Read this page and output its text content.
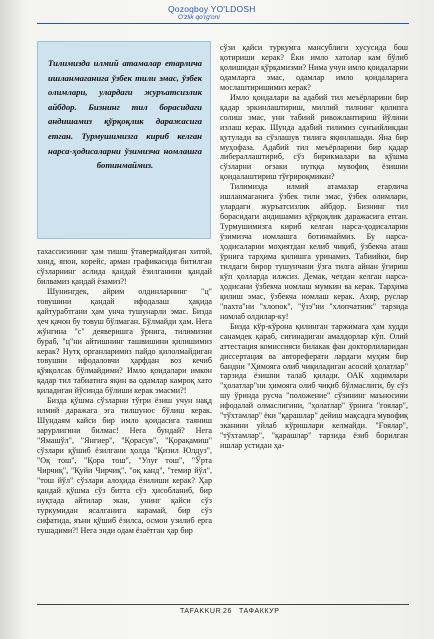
Qozoqboy YO'LDOSH
O'zlik qo'rg'oni

Тилимизда илмий атамалар етарлича ишланмаганига ўзбек тили эмас, ўзбек олимлари, улардаги журъатсизлик айбдор. Бизнинг тил борасидаги андишамиз қўрқоқлик даражасига етган. Турмушимизга кириб келган нарса-ҳодисаларни ўзимизча номлашга ботинмаймиз.

тахассисининг ҳам тишш ўтавермайдиган хитой, хинд, япон, корейс, арман графикасида битилган сўзларнинг аслида қандай ёзилганини қандай билвамиз қандай ёзамиз?!

Шунингдек, айрим олдинларнинг "ц" товушини қандай ифодалаш ҳақида қайтурабтгани ҳам унча тушунарли эмас. Бизда ҳеч қачон бу товуш бўлмаган. Бўлмайди ҳам. Нега жўнгина "с" деяверишга ўрнига, тилимизни бураб, "ц"ни айтишнинг ташвишини қилишимиз керак? Нутқ органларимиз пайдо қилолмайдиган товушни ифодаловчи ҳарфдан воз кечиб қўяқолсак бўлмайдими? Имло қоидалари имкон қадар тил табиатига яқин ва одамлар камроқ хато қиладиган йўсинда бўлиши керак эмасми?!

Бизда қўшма сўзларни тўғри ёзиш учун нақд илмий даражага эга тилшунос бўлиш керак. Шундаям кайси бир имло қоидасига таяниш зарурлигини билмас! Нега бундай? Нега "Ямашўл", "Янгиер", "Қорасув", "Қорақамиш" сўзлари қўшиб ёзилгани ҳолда "Қизил Юлдуз", "Оқ тош", "Қора тош", "Улуғ тош", "Ўрта Чирчиқ", "Қуйи Чирчиқ", "оқ канд", "темир йўл", "тош йўл" сўзлари алоҳида ёзилиши керак? Ҳар қандай қўшма сўз битта сўз ҳисобланиб, бир нуқтада айтилар экан, унинг қайси сўз туркумидан ясалганига карамай, бир сўз сифатида, яъни қўшиб ёзилса, осмон узилиб ерга тушадими?! Нега энди одам ёзаётган ҳар бир

сўзи қайси туркумга мансублиги хусусида бош қотириши керак? Ёки имло хатолар кам бўлиб қолишидан қўрқамизми? Нима учун имло қоидаларни одамларга эмас, одамлар имло қоидаларига мослаштиришимиз керак?

Имло қоидалари ва адабий тил меъёрларини бир қадар эркинлаштириш, миллий тилнинг қолипга солиш эмас, уни табиий ривожлантириш йўлини излаш керак. Шунда адабий тилимиз сунъийликдан қутулади ва сўзлашув тилига яқинлашади. Яна бир муҳофаза. Адабий тил меъёрларини бир қадар либераллаштириб, сўз бирикмалари ва қўшма сўзларни оғзаки нутққа мувофиқ ёзишни қоидалаштириш тўғрироқмикан?

Тилимизда илмий атамалар етарлича ишланмаганига ўзбек тили эмас, ўзбек олимлари, улардаги журъатсизлик айбдор. Бизнинг тил борасидаги андишамиз қўрқоқлик даражасига етган. Турмушимизга кириб келган нарса-ҳодисаларни ўзимизча номлашга ботинмаймиз. Бу нарса-ҳодисаларни моҳиятдан келиб чиқиб, ўзбекча аташ ўрнига тарҳима қилишга уринамиз. Табиийки, бир тилдаги бирор тушунчани ўзга тилга айнан ўгириш кўп ҳолларда илжсиз. Демак, четдан келган нарса-ҳодисани ўзбекча номлаш мумкин ва керак. Тарҳима қилиш эмас, ўзбекча номлаш керак. Ахир, руслар "пахта"ни "хлопок", "ўзэ"ни "хлопчатник" тарзида номлаб олдилар-ку!

Бизда кўр-кўрона қилинган таржимага ҳам худди санамдек қараб, сиғинадиган амалдорлар кўп. Олий аттестация комиссияси билакак фан докторлиларидан диссертация ва автореферати лардаги муҳим бир бандни "Ҳимояга олиб чиқиладиган асосий ҳолатлар" тарзида ёзишни талаб қилади. ОАК ходимлари "ҳолатлар"ни ҳимояга олиб чиқиб бўлмаслиги, бу сўз шу ўринда русча "положение" сўзининг маъносини ифодалай олмаслигини, "ҳолатлар" ўрнига "ғоялар", "тўхтамлар" ёки "қарашлар" дейиш мақсадга мувофиқ эканини уйлаб кўришлари келмайди. "Ғоялар", "тўхтамлар", "қарашлар" тарзида ёзиб борилган ишлар устидан ҳа-

TAFAKKUR 26 ТАФАККУР
